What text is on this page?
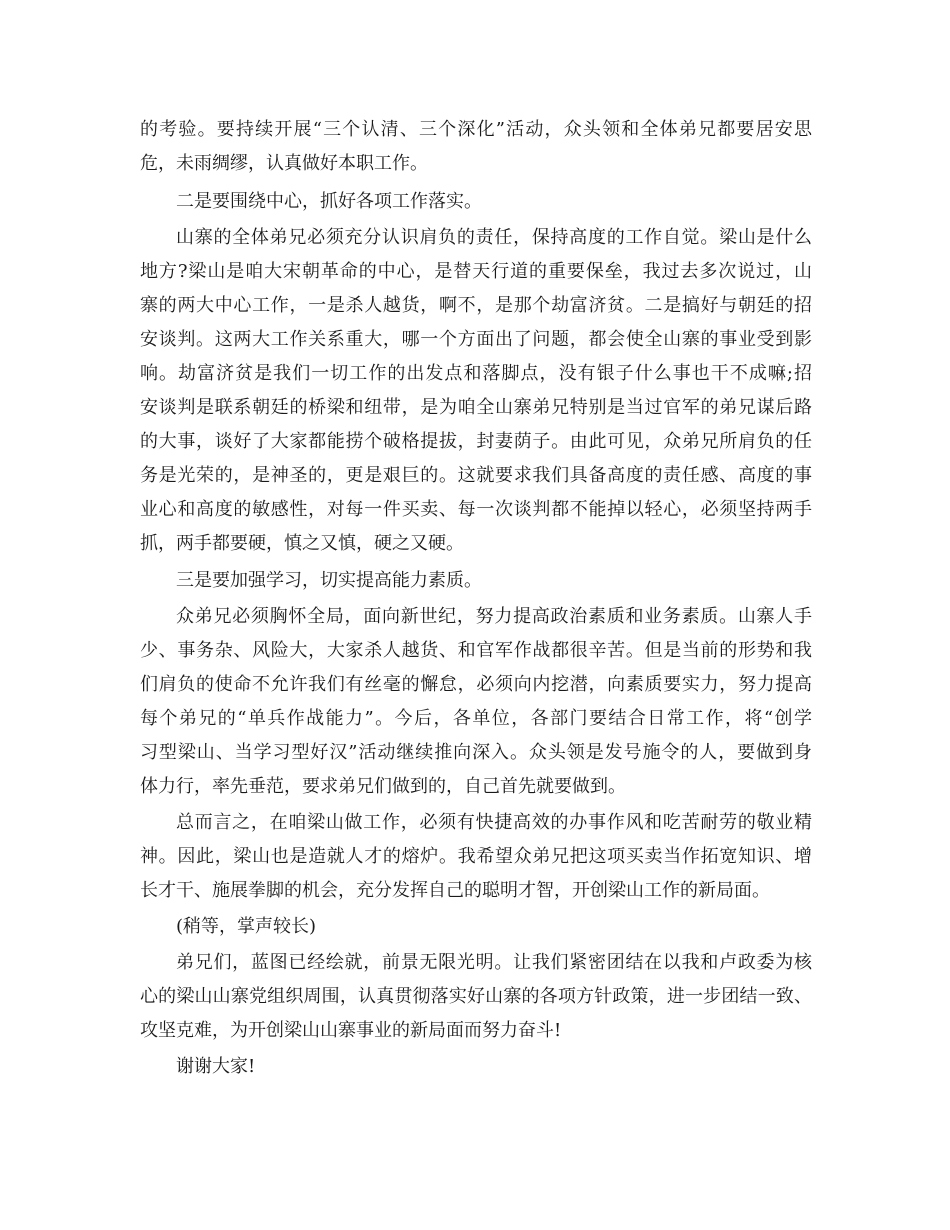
的考验。要持续开展“三个认清、三个深化”活动，众头领和全体弟兄都要居安思
危，未雨绸缪，认真做好本职工作。
二是要围绕中心，抓好各项工作落实。
山寨的全体弟兄必须充分认识肩负的责任，保持高度的工作自觉。梁山是什么
地方?梁山是咱大宋朝革命的中心，是替天行道的重要保垒，我过去多次说过，山
寨的两大中心工作，一是杀人越货，啊不，是那个劫富济贫。二是搞好与朝廷的招
安谈判。这两大工作关系重大，哪一个方面出了问题，都会使全山寨的事业受到影
响。劫富济贫是我们一切工作的出发点和落脚点，没有银子什么事也干不成嘛;招
安谈判是联系朝廷的桥梁和纽带，是为咱全山寨弟兄特别是当过官军的弟兄谋后路
的大事，谈好了大家都能捞个破格提拔，封妻荫子。由此可见，众弟兄所肩负的任
务是光荣的，是神圣的，更是艰巨的。这就要求我们具备高度的责任感、高度的事
业心和高度的敏感性，对每一件买卖、每一次谈判都不能掉以轻心，必须坚持两手
抓，两手都要硬，慎之又慎，硬之又硬。
三是要加强学习，切实提高能力素质。
众弟兄必须胸怀全局，面向新世纪，努力提高政治素质和业务素质。山寨人手
少、事务杂、风险大，大家杀人越货、和官军作战都很辛苦。但是当前的形势和我
们肩负的使命不允许我们有丝毫的懈怠，必须向内挖潜，向素质要实力，努力提高
每个弟兄的“单兵作战能力”。今后，各单位，各部门要结合日常工作，将“创学
习型梁山、当学习型好汉”活动继续推向深入。众头领是发号施令的人，要做到身
体力行，率先垂范，要求弟兄们做到的，自己首先就要做到。
总而言之，在咱梁山做工作，必须有快捷高效的办事作风和吃苦耐劳的敬业精
神。因此，梁山也是造就人才的熔炉。我希望众弟兄把这项买卖当作拓宽知识、增
长才干、施展拳脚的机会，充分发挥自己的聪明才智，开创梁山工作的新局面。
(稍等，掌声较长)
弟兄们，蓝图已经绘就，前景无限光明。让我们紧密团结在以我和卢政委为核
心的梁山山寨党组织周围，认真贯彻落实好山寨的各项方针政策，进一步团结一致、
攻坚克难，为开创梁山山寨事业的新局面而努力奋斗!
谢谢大家!
